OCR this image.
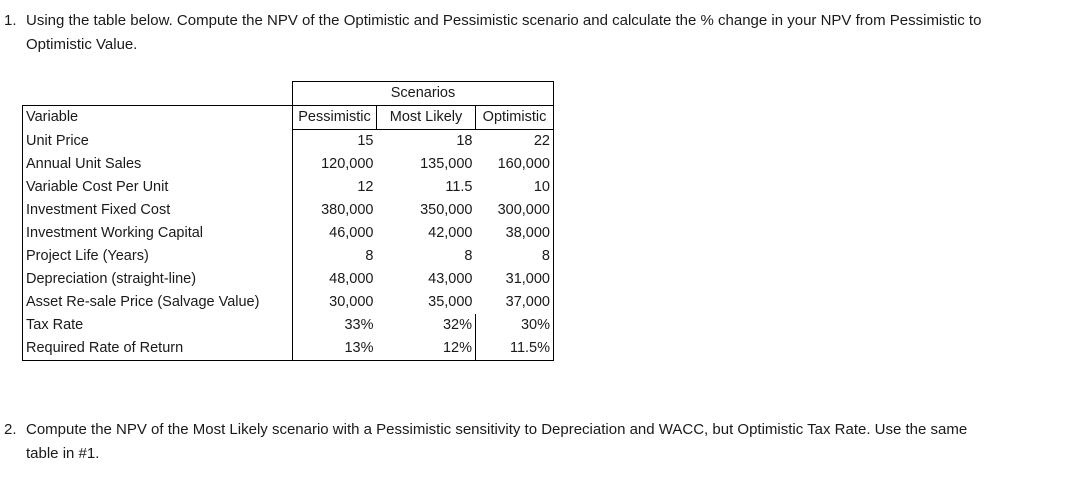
1. Using the table below. Compute the NPV of the Optimistic and Pessimistic scenario and calculate the % change in your NPV from Pessimistic to
Optimistic Value.
	Scenarios		
Variable	Pessimistic	Most Likely	Optimistic
Unit Price	15	18	22
Annual Unit Sales	120,000	135,000	160,000
Variable Cost Per Unit	12	11.5	10
Investment Fixed Cost	380,000	350,000	300,000
Investment Working Capital	46,000	42,000	38,000
Project Life (Years)	8	8	8
Depreciation (straight-line)	48,000	43,000	31,000
Asset Re-sale Price (Salvage Value)	30,000	35,000	37,000
Tax Rate	33%	32%	30%
Required Rate of Return	13%	12%	11.5%
2. Compute the NPV of the Most Likely scenario with a Pessimistic sensitivity to Depreciation and WACC, but Optimistic Tax Rate. Use the same
table in #1.
